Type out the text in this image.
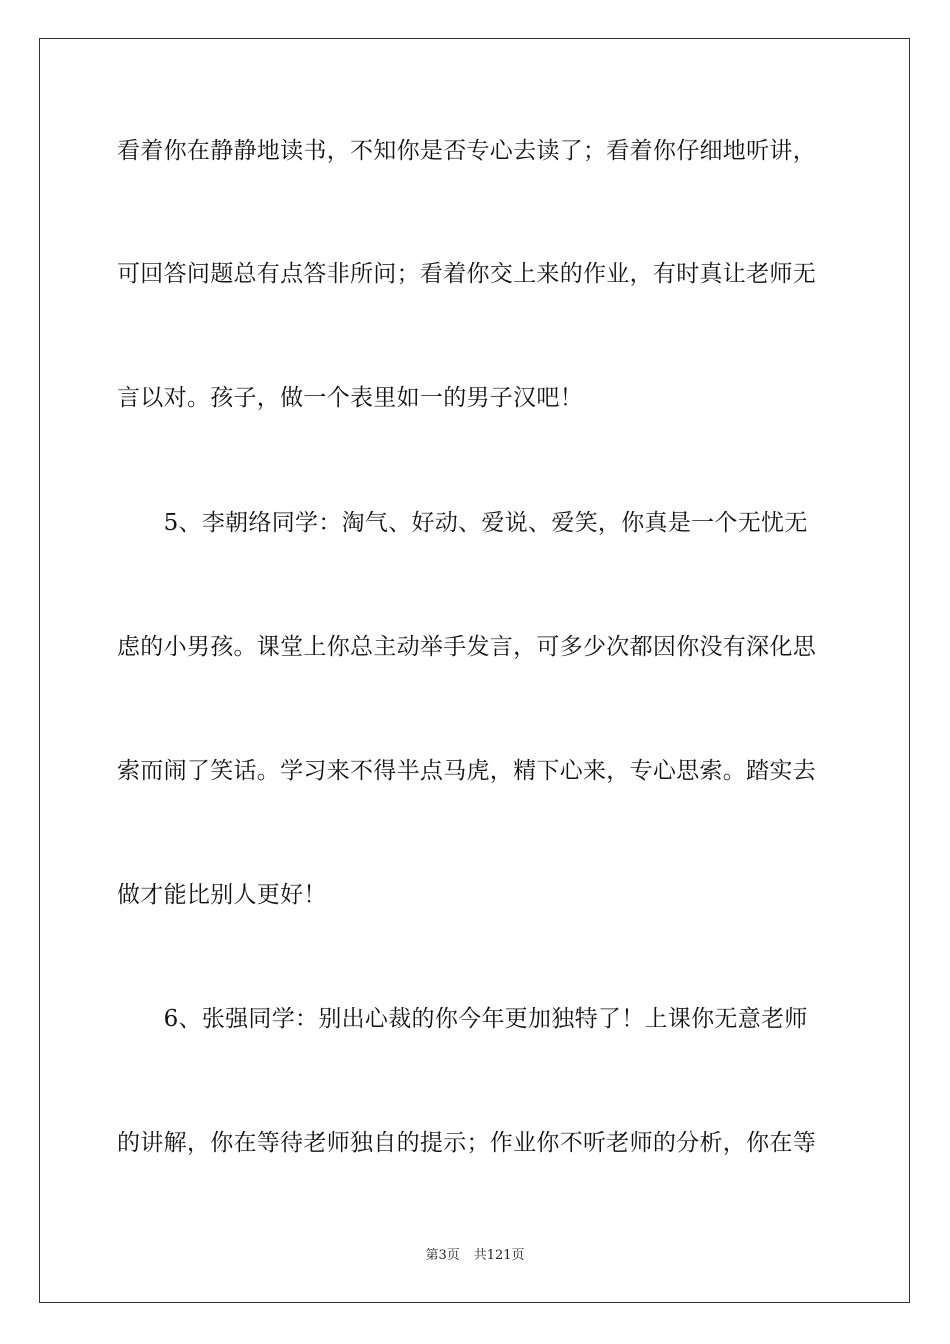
看着你在静静地读书，不知你是否专心去读了；看着你仔细地听讲，
可回答问题总有点答非所问；看着你交上来的作业，有时真让老师无
言以对。孩子，做一个表里如一的男子汉吧！
　　5、李朝络同学：淘气、好动、爱说、爱笑，你真是一个无忧无
虑的小男孩。课堂上你总主动举手发言，可多少次都因你没有深化思
索而闹了笑话。学习来不得半点马虎，精下心来，专心思索。踏实去
做才能比别人更好！
　　6、张强同学：别出心裁的你今年更加独特了！上课你无意老师
的讲解，你在等待老师独自的提示；作业你不听老师的分析，你在等
第3页 共121页
